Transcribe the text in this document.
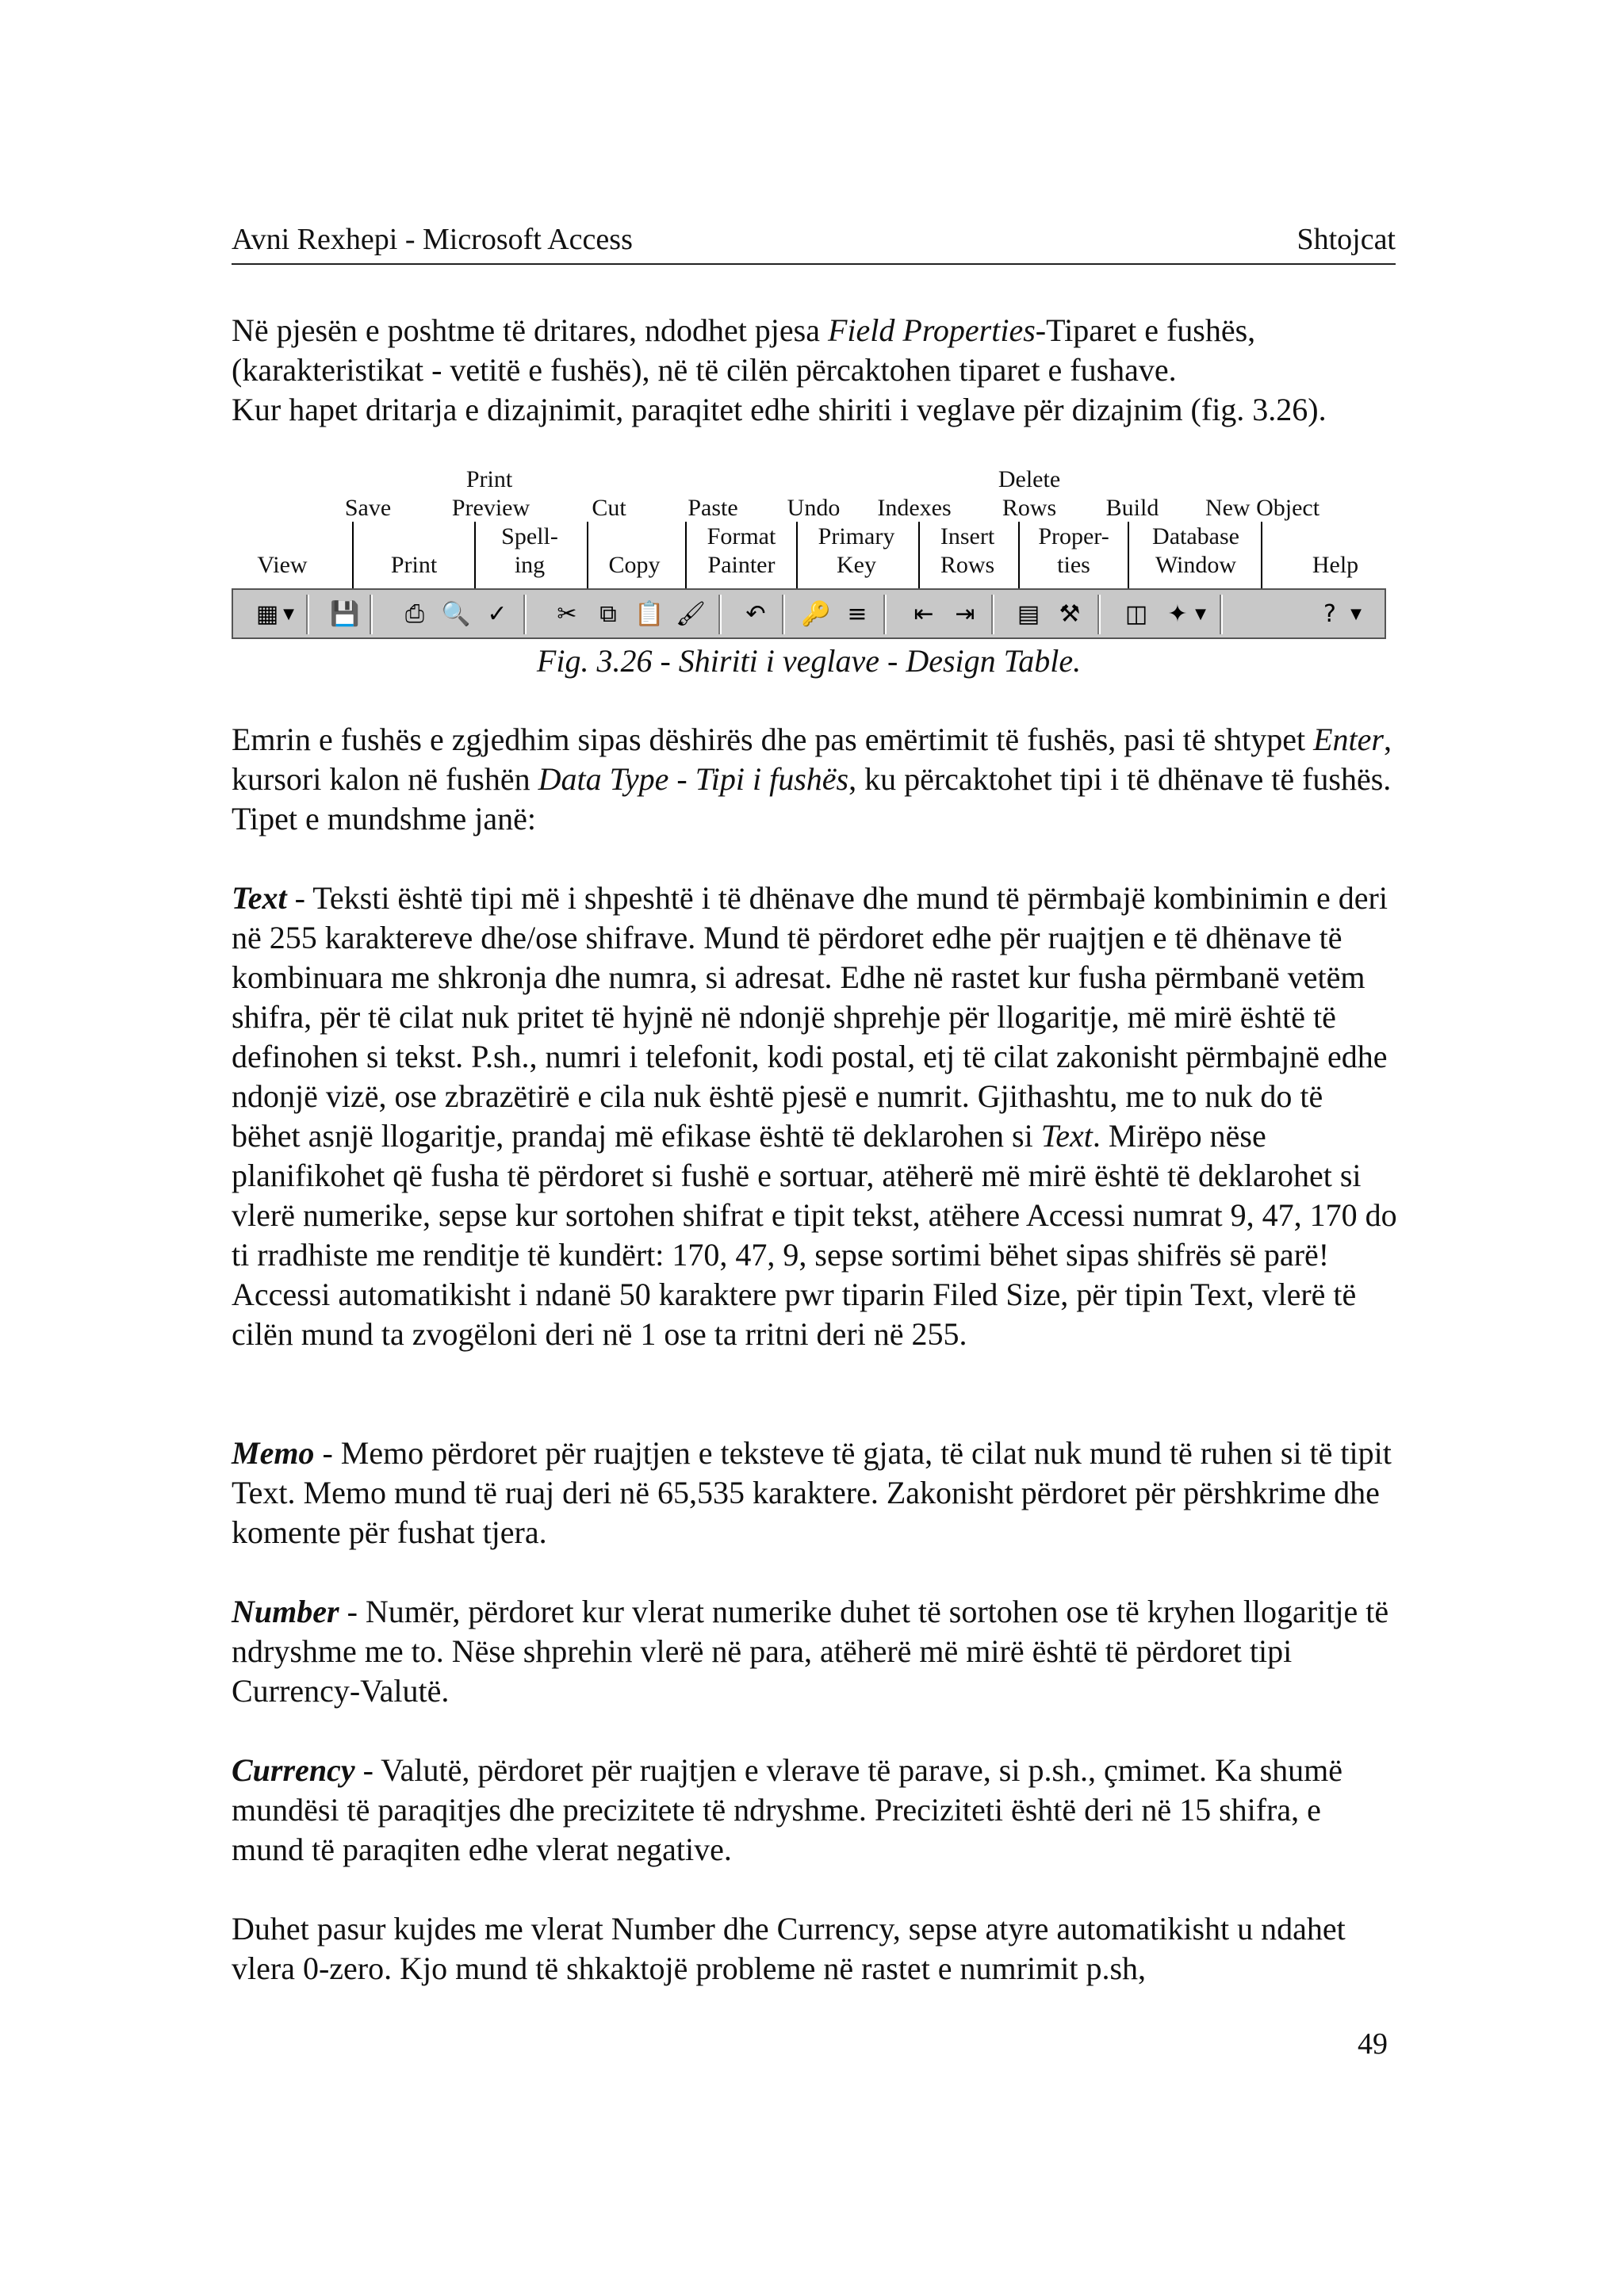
Avni Rexhepi - Microsoft Access	Shtojcat

Në pjesën e poshtme të dritares, ndodhet pjesa Field Properties-Tiparet e fushës, (karakteristikat - vetitë e fushës), në të cilën përcaktohen tiparet e fushave.

Kur hapet dritarja e dizajnimit, paraqitet edhe shiriti i veglave për dizajnim (fig. 3.26).

Print	Delete
Save	Preview	Cut	Paste Undo Indexes Rows Build New Object
Spell-	Format Primary Insert Proper- Database
View	Print	ing	Copy Painter	Key	Rows	ties	Window	Help
▦ ▼ 💾	⎙ 🔍 ✓	✂ ⧉ 📋 🖌	↶	🔑 ≡	⇤ ⇥	▤ ⚒	◫ ✦ ▼	?	▼
Fig. 3.26 - Shiriti i veglave - Design Table.

Emrin e fushës e zgjedhim sipas dëshirës dhe pas emërtimit të fushës, pasi të shtypet Enter, kursori kalon në fushën Data Type - Tipi i fushës, ku përcaktohet tipi i të dhënave të fushës. Tipet e mundshme janë:

Text - Teksti është tipi më i shpeshtë i të dhënave dhe mund të përmbajë kombinimin e deri në 255 karaktereve dhe/ose shifrave. Mund të përdoret edhe për ruajtjen e të dhënave të kombinuara me shkronja dhe numra, si adresat. Edhe në rastet kur fusha përmbanë vetëm shifra, për të cilat nuk pritet të hyjnë në ndonjë shprehje për llogaritje, më mirë është të definohen si tekst. P.sh., numri i telefonit, kodi postal, etj të cilat zakonisht përmbajnë edhe ndonjë vizë, ose zbrazëtirë e cila nuk është pjesë e numrit. Gjithashtu, me to nuk do të bëhet asnjë llogaritje, prandaj më efikase është të deklarohen si Text. Mirëpo nëse planifikohet që fusha të përdoret si fushë e sortuar, atëherë më mirë është të deklarohet si vlerë numerike, sepse kur sortohen shifrat e tipit tekst, atëhere Accessi numrat 9, 47, 170 do ti rradhiste me renditje të kundërt: 170, 47, 9, sepse sortimi bëhet sipas shifrës së parë! Accessi automatikisht i ndanë 50 karaktere pwr tiparin Filed Size, për tipin Text, vlerë të cilën mund ta zvogëloni deri në 1 ose ta rritni deri në 255.

Memo - Memo përdoret për ruajtjen e teksteve të gjata, të cilat nuk mund të ruhen si të tipit Text. Memo mund të ruaj deri në 65,535 karaktere. Zakonisht përdoret për përshkrime dhe komente për fushat tjera.

Number - Numër, përdoret kur vlerat numerike duhet të sortohen ose të kryhen llogaritje të ndryshme me to. Nëse shprehin vlerë në para, atëherë më mirë është të përdoret tipi Currency-Valutë.

Currency - Valutë, përdoret për ruajtjen e vlerave të parave, si p.sh., çmimet. Ka shumë mundësi të paraqitjes dhe precizitete të ndryshme. Preciziteti është deri në 15 shifra, e mund të paraqiten edhe vlerat negative.

Duhet pasur kujdes me vlerat Number dhe Currency, sepse atyre automatikisht u ndahet vlera 0-zero. Kjo mund të shkaktojë probleme në rastet e numrimit p.sh,

49
